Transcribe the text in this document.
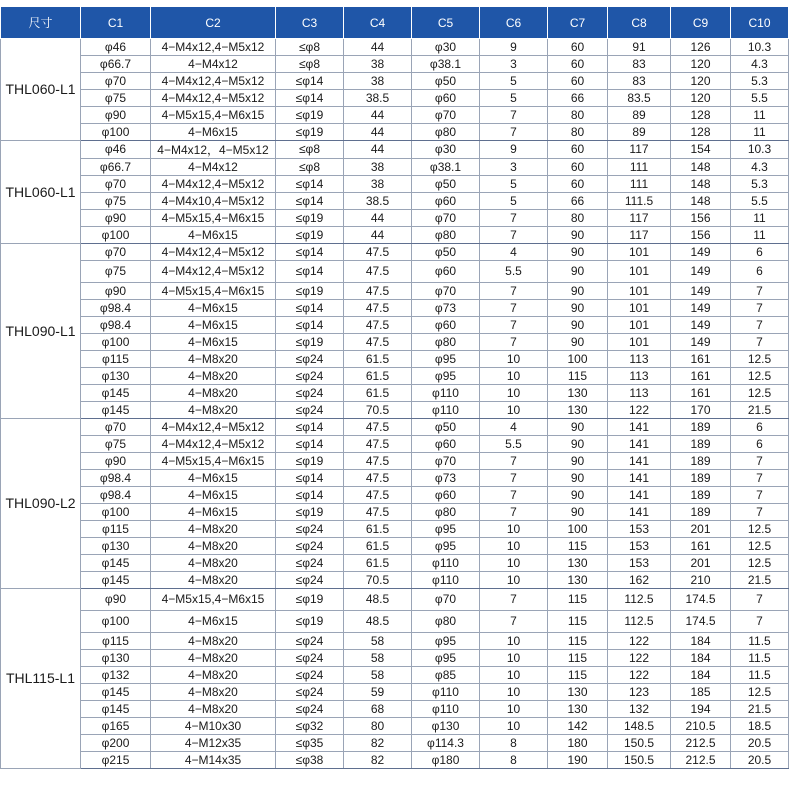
尺寸	C1	C2	C3	C4	C5	C6	C7	C8	C9	C10
THL060-L1	φ46	4−M4x12,4−M5x12	≤φ8	44	φ30	9	60	91	126	10.3
	φ66.7	4−M4x12	≤φ8	38	φ38.1	3	60	83	120	4.3
	φ70	4−M4x12,4−M5x12	≤φ14	38	φ50	5	60	83	120	5.3
	φ75	4−M4x12,4−M5x12	≤φ14	38.5	φ60	5	66	83.5	120	5.5
	φ90	4−M5x15,4−M6x15	≤φ19	44	φ70	7	80	89	128	11
	φ100	4−M6x15	≤φ19	44	φ80	7	80	89	128	11
THL060-L1	φ46	4−M4x12，4−M5x12	≤φ8	44	φ30	9	60	117	154	10.3
	φ66.7	4−M4x12	≤φ8	38	φ38.1	3	60	111	148	4.3
	φ70	4−M4x12,4−M5x12	≤φ14	38	φ50	5	60	111	148	5.3
	φ75	4−M4x10,4−M5x12	≤φ14	38.5	φ60	5	66	111.5	148	5.5
	φ90	4−M5x15,4−M6x15	≤φ19	44	φ70	7	80	117	156	11
	φ100	4−M6x15	≤φ19	44	φ80	7	90	117	156	11
THL090-L1	φ70	4−M4x12,4−M5x12	≤φ14	47.5	φ50	4	90	101	149	6
	φ75	4−M4x12,4−M5x12	≤φ14	47.5	φ60	5.5	90	101	149	6
	φ90	4−M5x15,4−M6x15	≤φ19	47.5	φ70	7	90	101	149	7
	φ98.4	4−M6x15	≤φ14	47.5	φ73	7	90	101	149	7
	φ98.4	4−M6x15	≤φ14	47.5	φ60	7	90	101	149	7
	φ100	4−M6x15	≤φ19	47.5	φ80	7	90	101	149	7
	φ115	4−M8x20	≤φ24	61.5	φ95	10	100	113	161	12.5
	φ130	4−M8x20	≤φ24	61.5	φ95	10	115	113	161	12.5
	φ145	4−M8x20	≤φ24	61.5	φ110	10	130	113	161	12.5
	φ145	4−M8x20	≤φ24	70.5	φ110	10	130	122	170	21.5
THL090-L2	φ70	4−M4x12,4−M5x12	≤φ14	47.5	φ50	4	90	141	189	6
	φ75	4−M4x12,4−M5x12	≤φ14	47.5	φ60	5.5	90	141	189	6
	φ90	4−M5x15,4−M6x15	≤φ19	47.5	φ70	7	90	141	189	7
	φ98.4	4−M6x15	≤φ14	47.5	φ73	7	90	141	189	7
	φ98.4	4−M6x15	≤φ14	47.5	φ60	7	90	141	189	7
	φ100	4−M6x15	≤φ19	47.5	φ80	7	90	141	189	7
	φ115	4−M8x20	≤φ24	61.5	φ95	10	100	153	201	12.5
	φ130	4−M8x20	≤φ24	61.5	φ95	10	115	153	161	12.5
	φ145	4−M8x20	≤φ24	61.5	φ110	10	130	153	201	12.5
	φ145	4−M8x20	≤φ24	70.5	φ110	10	130	162	210	21.5
THL115-L1	φ90	4−M5x15,4−M6x15	≤φ19	48.5	φ70	7	115	112.5	174.5	7
	φ100	4−M6x15	≤φ19	48.5	φ80	7	115	112.5	174.5	7
	φ115	4−M8x20	≤φ24	58	φ95	10	115	122	184	11.5
	φ130	4−M8x20	≤φ24	58	φ95	10	115	122	184	11.5
	φ132	4−M8x20	≤φ24	58	φ85	10	115	122	184	11.5
	φ145	4−M8x20	≤φ24	59	φ110	10	130	123	185	12.5
	φ145	4−M8x20	≤φ24	68	φ110	10	130	132	194	21.5
	φ165	4−M10x30	≤φ32	80	φ130	10	142	148.5	210.5	18.5
	φ200	4−M12x35	≤φ35	82	φ114.3	8	180	150.5	212.5	20.5
	φ215	4−M14x35	≤φ38	82	φ180	8	190	150.5	212.5	20.5
